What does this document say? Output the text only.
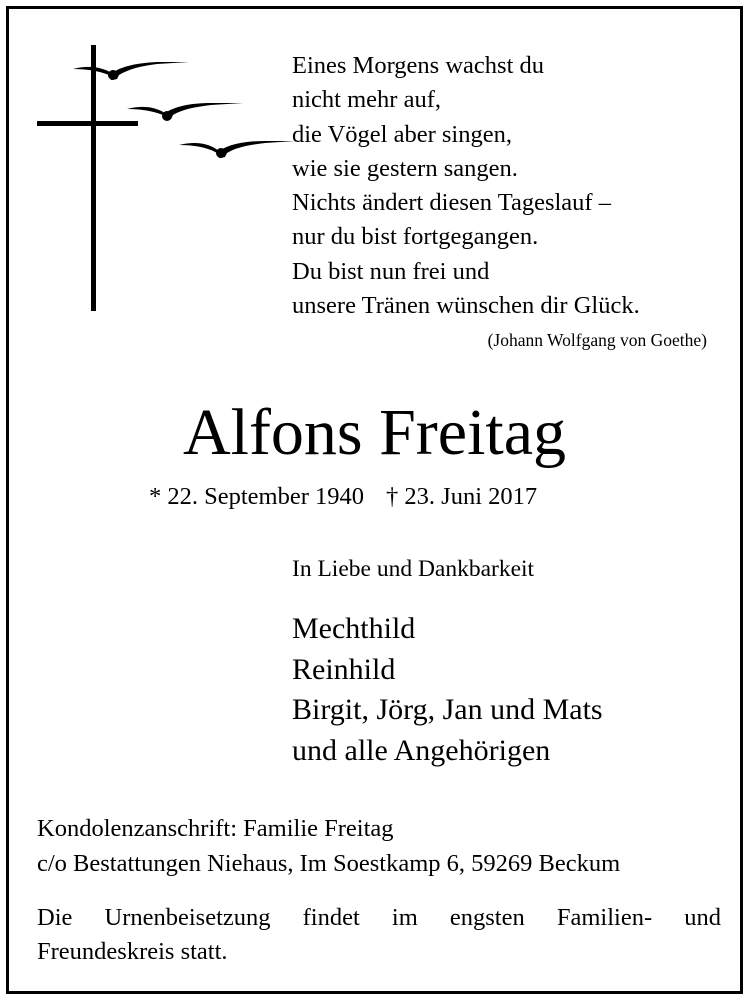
Eines Morgens wachst du
nicht mehr auf,
die Vögel aber singen,
wie sie gestern sangen.
Nichts ändert diesen Tageslauf –
nur du bist fortgegangen.
Du bist nun frei und
unsere Tränen wünschen dir Glück.
(Johann Wolfgang von Goethe)
Alfons Freitag
* 22. September 1940 † 23. Juni 2017
In Liebe und Dankbarkeit
Mechthild
Reinhild
Birgit, Jörg, Jan und Mats
und alle Angehörigen
Kondolenzanschrift: Familie Freitag
c/o Bestattungen Niehaus, Im Soestkamp 6, 59269 Beckum
Die Urnenbeisetzung findet im engsten Familien- und
Freundeskreis statt.
